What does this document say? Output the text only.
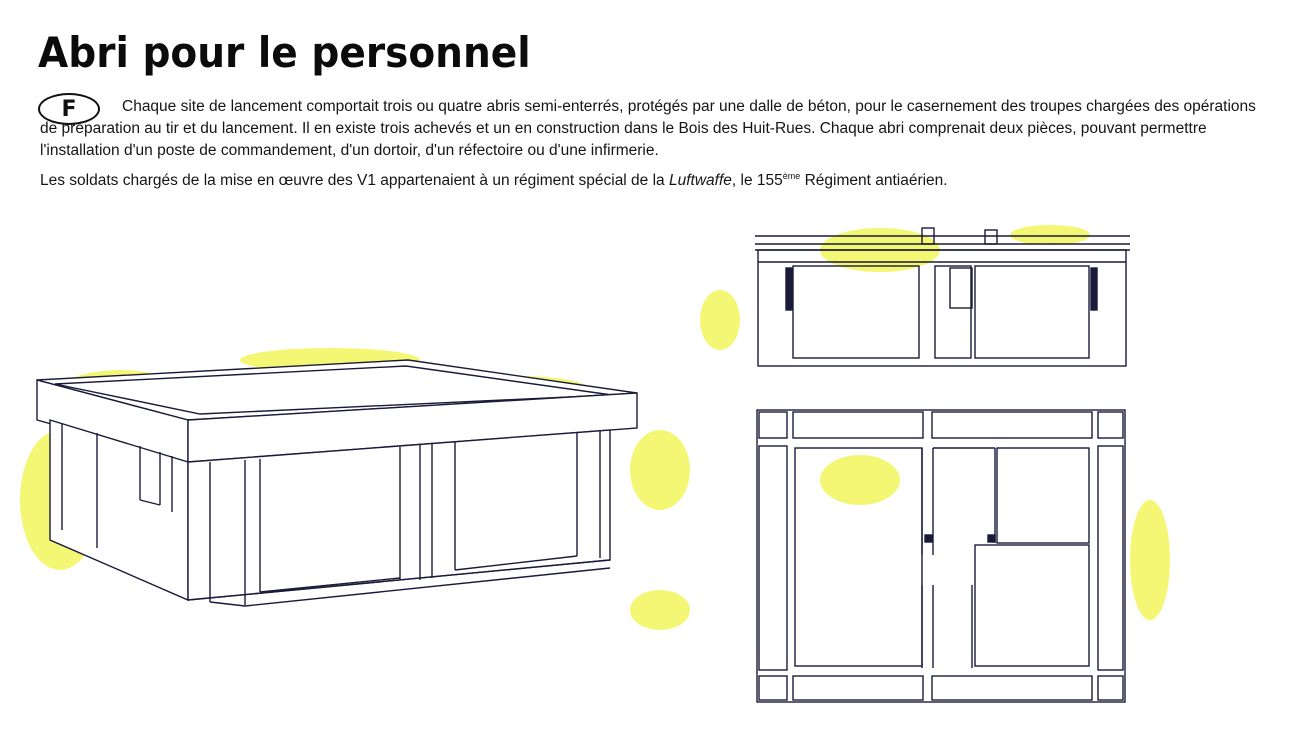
Abri pour le personnel
F	Chaque site de lancement comportait trois ou quatre abris semi-enterrés, protégés par une dalle de béton, pour le casernement des troupes chargées des opérations de préparation au tir et du lancement. Il en existe trois achevés et un en construction dans le Bois des Huit-Rues. Chaque abri comprenait deux pièces, pouvant permettre l'installation d'un poste de commandement, d'un dortoir, d'un réfectoire ou d'une infirmerie.
Les soldats chargés de la mise en œuvre des V1 appartenaient à un régiment spécial de la Luftwaffe, le 155ème Régiment antiaérien.
